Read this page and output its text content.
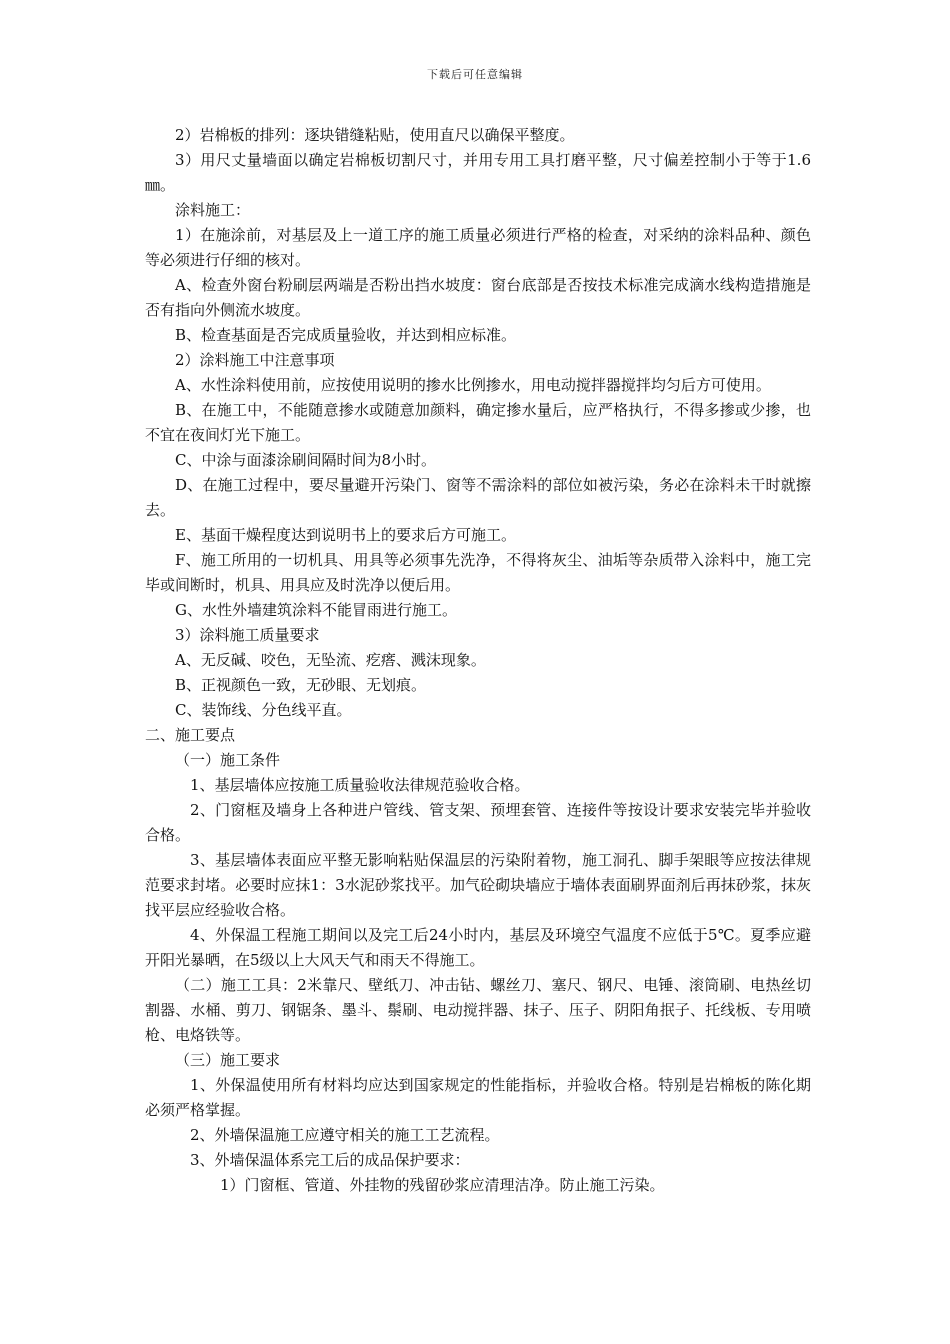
下载后可任意编辑

2）岩棉板的排列：逐块错缝粘贴，使用直尺以确保平整度。

3）用尺丈量墙面以确定岩棉板切割尺寸，并用专用工具打磨平整，尺寸偏差控制小于等于1.6㎜。

涂料施工：

1）在施涂前，对基层及上一道工序的施工质量必须进行严格的检查，对采纳的涂料品种、颜色等必须进行仔细的核对。

A、检查外窗台粉刷层两端是否粉出挡水坡度：窗台底部是否按技术标准完成滴水线构造措施是否有指向外侧流水坡度。

B、检查基面是否完成质量验收，并达到相应标准。

2）涂料施工中注意事项

A、水性涂料使用前，应按使用说明的掺水比例掺水，用电动搅拌器搅拌均匀后方可使用。

B、在施工中，不能随意掺水或随意加颜料，确定掺水量后，应严格执行，不得多掺或少掺，也不宜在夜间灯光下施工。

C、中涂与面漆涂刷间隔时间为8小时。

D、在施工过程中，要尽量避开污染门、窗等不需涂料的部位如被污染，务必在涂料未干时就擦去。

E、基面干燥程度达到说明书上的要求后方可施工。

F、施工所用的一切机具、用具等必须事先洗净，不得将灰尘、油垢等杂质带入涂料中，施工完毕或间断时，机具、用具应及时洗净以便后用。

G、水性外墙建筑涂料不能冒雨进行施工。

3）涂料施工质量要求

A、无反碱、咬色，无坠流、疙瘩、溅沫现象。

B、正视颜色一致，无砂眼、无划痕。

C、装饰线、分色线平直。

二、施工要点

（一）施工条件

1、基层墙体应按施工质量验收法律规范验收合格。

2、门窗框及墙身上各种进户管线、管支架、预埋套管、连接件等按设计要求安装完毕并验收合格。

3、基层墙体表面应平整无影响粘贴保温层的污染附着物，施工洞孔、脚手架眼等应按法律规范要求封堵。必要时应抹1：3水泥砂浆找平。加气砼砌块墙应于墙体表面刷界面剂后再抹砂浆，抹灰找平层应经验收合格。

4、外保温工程施工期间以及完工后24小时内，基层及环境空气温度不应低于5℃。夏季应避开阳光暴晒，在5级以上大风天气和雨天不得施工。

（二）施工工具：2米靠尺、壁纸刀、冲击钻、螺丝刀、塞尺、钢尺、电锤、滚筒刷、电热丝切割器、水桶、剪刀、钢锯条、墨斗、鬃刷、电动搅拌器、抹子、压子、阴阳角抿子、托线板、专用喷枪、电烙铁等。

（三）施工要求

1、外保温使用所有材料均应达到国家规定的性能指标，并验收合格。特别是岩棉板的陈化期必须严格掌握。

2、外墙保温施工应遵守相关的施工工艺流程。

3、外墙保温体系完工后的成品保护要求：

1）门窗框、管道、外挂物的残留砂浆应清理洁净。防止施工污染。
